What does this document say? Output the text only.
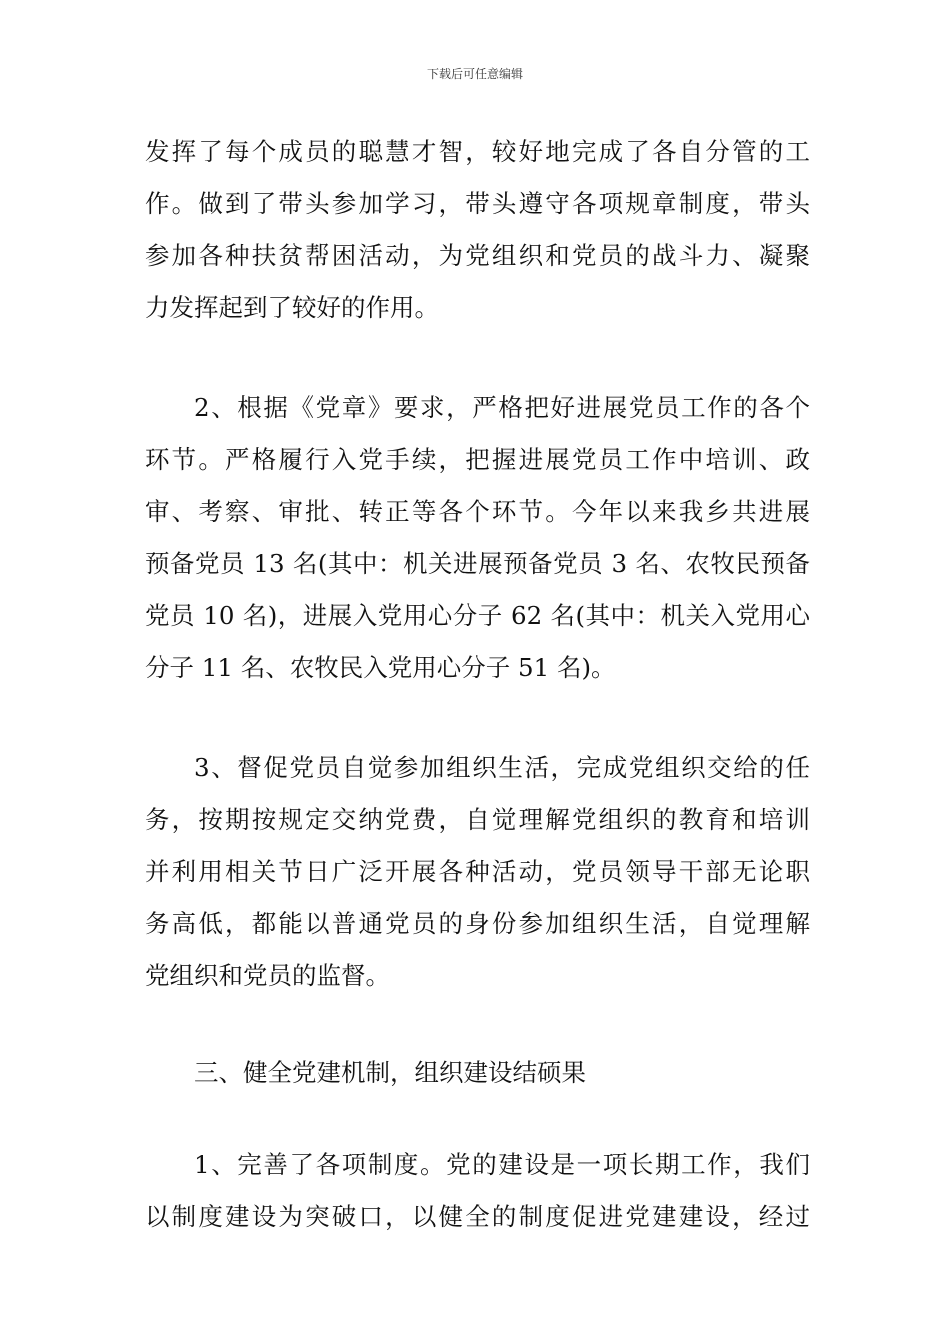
下载后可任意编辑

发挥了每个成员的聪慧才智，较好地完成了各自分管的工
作。做到了带头参加学习，带头遵守各项规章制度，带头
参加各种扶贫帮困活动，为党组织和党员的战斗力、凝聚
力发挥起到了较好的作用。

2、根据《党章》要求，严格把好进展党员工作的各个
环节。严格履行入党手续，把握进展党员工作中培训、政
审、考察、审批、转正等各个环节。今年以来我乡共进展
预备党员 13 名(其中：机关进展预备党员 3 名、农牧民预备
党员 10 名)，进展入党用心分子 62 名(其中：机关入党用心
分子 11 名、农牧民入党用心分子 51 名)。

3、督促党员自觉参加组织生活，完成党组织交给的任
务，按期按规定交纳党费，自觉理解党组织的教育和培训
并利用相关节日广泛开展各种活动，党员领导干部无论职
务高低，都能以普通党员的身份参加组织生活，自觉理解
党组织和党员的监督。

三、健全党建机制，组织建设结硕果

1、完善了各项制度。党的建设是一项长期工作，我们
以制度建设为突破口，以健全的制度促进党建建设，经过
